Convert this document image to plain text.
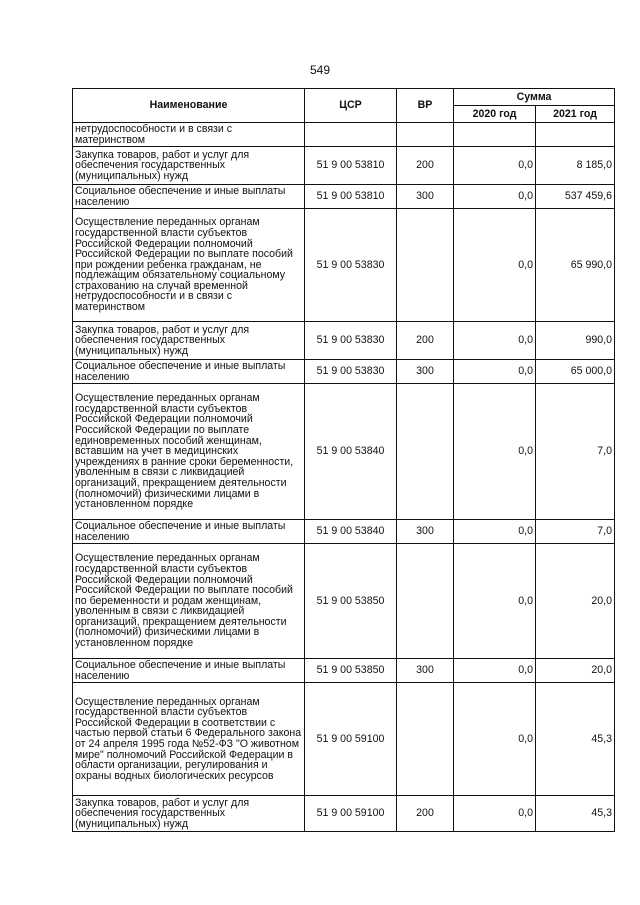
549
Наименование	ЦСР	ВР	Сумма	
			2020 год	2021 год
нетрудоспособности и в связи с материнством				
Закупка товаров, работ и услуг для обеспечения государственных (муниципальных) нужд	51 9 00 53810	200	0,0	8 185,0
Социальное обеспечение и иные выплаты населению	51 9 00 53810	300	0,0	537 459,6
Осуществление переданных органам государственной власти субъектов Российской Федерации полномочий Российской Федерации по выплате пособий при рождении ребенка гражданам, не подлежащим обязательному социальному страхованию на случай временной нетрудоспособности и в связи с материнством	51 9 00 53830		0,0	65 990,0
Закупка товаров, работ и услуг для обеспечения государственных (муниципальных) нужд	51 9 00 53830	200	0,0	990,0
Социальное обеспечение и иные выплаты населению	51 9 00 53830	300	0,0	65 000,0
Осуществление переданных органам государственной власти субъектов Российской Федерации полномочий Российской Федерации по выплате единовременных пособий женщинам, вставшим на учет в медицинских учреждениях в ранние сроки беременности, уволенным в связи с ликвидацией организаций, прекращением деятельности (полномочий) физическими лицами в установленном порядке	51 9 00 53840		0,0	7,0
Социальное обеспечение и иные выплаты населению	51 9 00 53840	300	0,0	7,0
Осуществление переданных органам государственной власти субъектов Российской Федерации полномочий Российской Федерации по выплате пособий по беременности и родам женщинам, уволенным в связи с ликвидацией организаций, прекращением деятельности (полномочий) физическими лицами в установленном порядке	51 9 00 53850		0,0	20,0
Социальное обеспечение и иные выплаты населению	51 9 00 53850	300	0,0	20,0
Осуществление переданных органам государственной власти субъектов Российской Федерации в соответствии с частью первой статьи 6 Федерального закона от 24 апреля 1995 года №52-ФЗ "О животном мире" полномочий Российской Федерации в области организации, регулирования и охраны водных биологических ресурсов	51 9 00 59100		0,0	45,3
Закупка товаров, работ и услуг для обеспечения государственных (муниципальных) нужд	51 9 00 59100	200	0,0	45,3
